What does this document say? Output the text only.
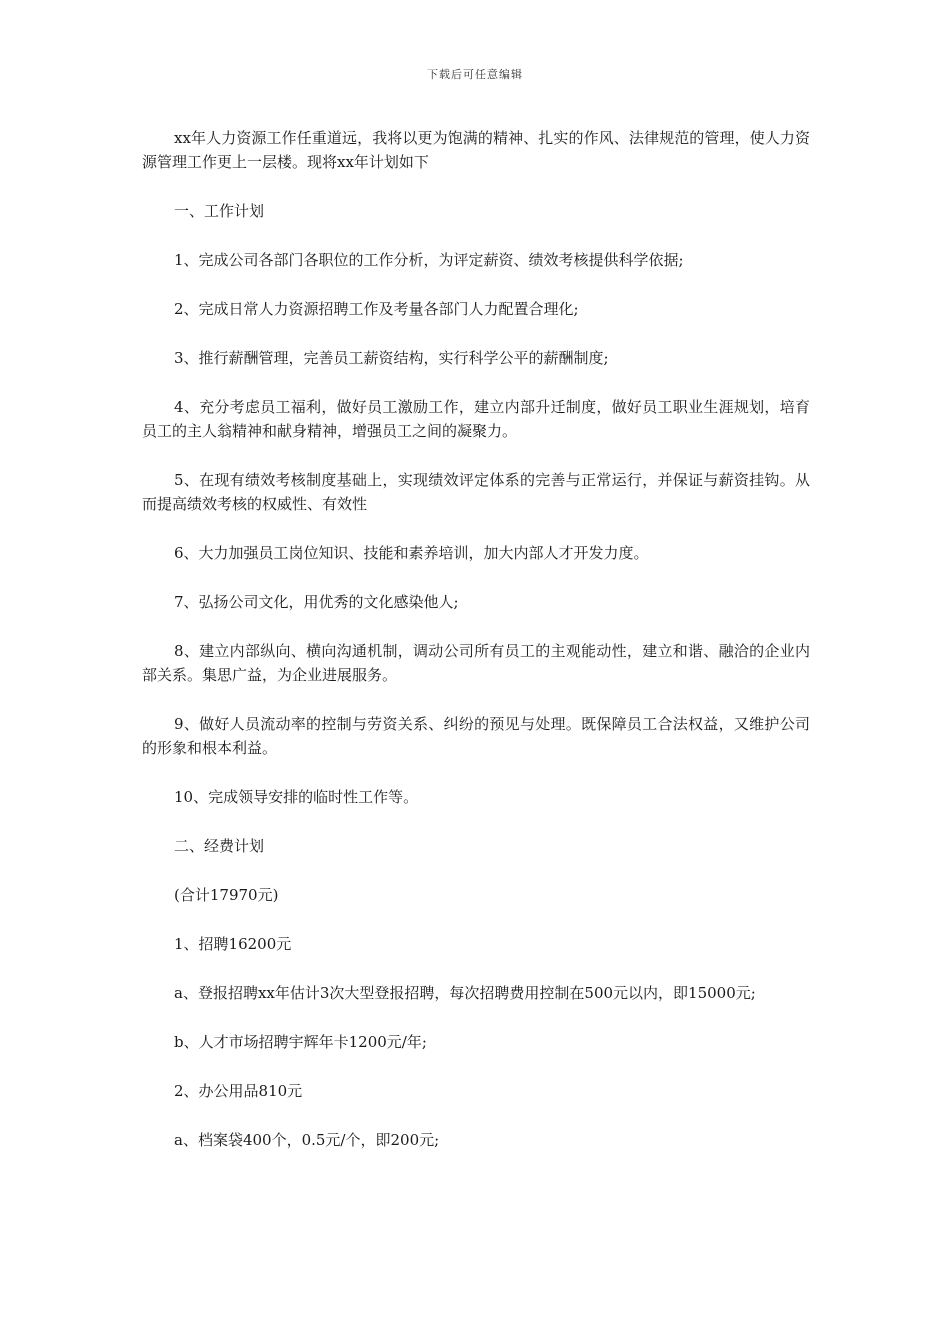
下载后可任意编辑

xx年人力资源工作任重道远，我将以更为饱满的精神、扎实的作风、法律规范的管理，使人力资源管理工作更上一层楼。现将xx年计划如下

一、工作计划

1、完成公司各部门各职位的工作分析，为评定薪资、绩效考核提供科学依据;

2、完成日常人力资源招聘工作及考量各部门人力配置合理化;

3、推行薪酬管理，完善员工薪资结构，实行科学公平的薪酬制度;

4、充分考虑员工福利，做好员工激励工作，建立内部升迁制度，做好员工职业生涯规划，培育员工的主人翁精神和献身精神，增强员工之间的凝聚力。

5、在现有绩效考核制度基础上，实现绩效评定体系的完善与正常运行，并保证与薪资挂钩。从而提高绩效考核的权威性、有效性

6、大力加强员工岗位知识、技能和素养培训，加大内部人才开发力度。

7、弘扬公司文化，用优秀的文化感染他人;

8、建立内部纵向、横向沟通机制，调动公司所有员工的主观能动性，建立和谐、融洽的企业内部关系。集思广益，为企业进展服务。

9、做好人员流动率的控制与劳资关系、纠纷的预见与处理。既保障员工合法权益，又维护公司的形象和根本利益。

10、完成领导安排的临时性工作等。

二、经费计划

(合计17970元)

1、招聘16200元

a、登报招聘xx年估计3次大型登报招聘，每次招聘费用控制在500元以内，即15000元;

b、人才市场招聘宇辉年卡1200元/年;

2、办公用品810元

a、档案袋400个，0.5元/个，即200元;
